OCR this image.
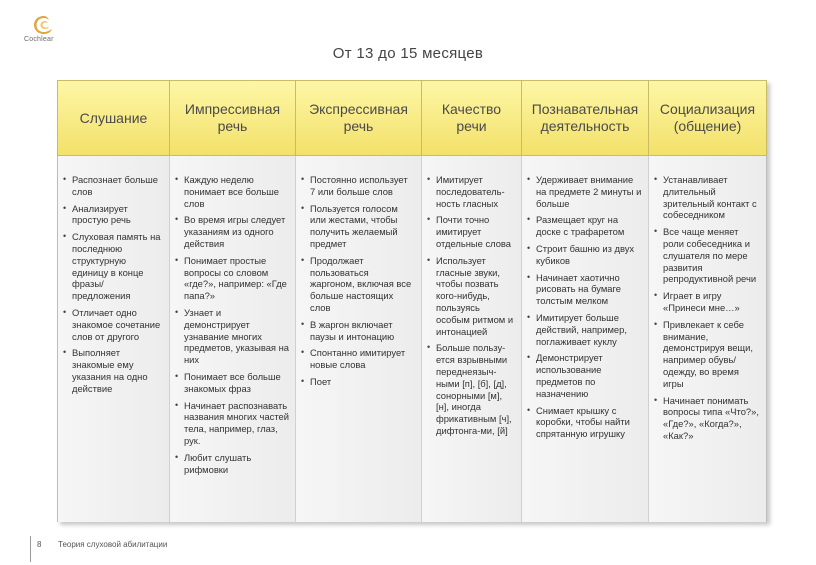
Cochlear
От 13 до 15 месяцев
Слушание
Импрессивная речь
Экспрессивная речь
Качество речи
Познавательная деятельность
Социализация (общение)
• Распознает больше слов
• Анализирует простую речь
• Слуховая память на последнюю структурную единицу в конце фразы/ предложения
• Отличает одно знакомое сочетание слов от другого
• Выполняет знакомые ему указания на одно действие
• Каждую неделю понимает все больше слов
• Во время игры следует указаниям из одного действия
• Понимает простые вопросы со словом «где?», например: «Где папа?»
• Узнает и демонстрирует узнавание многих предметов, указывая на них
• Понимает все больше знакомых фраз
• Начинает распознавать названия многих частей тела, например, глаз, рук.
• Любит слушать рифмовки
• Постоянно использует 7 или больше слов
• Пользуется голосом или жестами, чтобы получить желаемый предмет
• Продолжает пользоваться жаргоном, включая все больше настоящих слов
• В жаргон включает паузы и интонацию
• Спонтанно имитирует новые слова
• Поет
• Имитирует последователь-ность гласных
• Почти точно имитирует отдельные слова
• Использует гласные звуки, чтобы позвать кого-нибудь, пользуясь особым ритмом и интонацией
• Больше пользу-ется взрывными переднеязыч-ными [п], [б], [д], сонорными [м], [н], иногда фрикативным [ч], дифтонга-ми, [й]
• Удерживает внимание на предмете 2 минуты и больше
• Размещает круг на доске с трафаретом
• Строит башню из двух кубиков
• Начинает хаотично рисовать на бумаге толстым мелком
• Имитирует больше действий, например, поглаживает куклу
• Демонстрирует использование предметов по назначению
• Снимает крышку с коробки, чтобы найти спрятанную игрушку
• Устанавливает длительный зрительный контакт с собеседником
• Все чаще меняет роли собеседника и слушателя по мере развития репродуктивной речи
• Играет в игру «Принеси мне…»
• Привлекает к себе внимание, демонстрируя вещи, например обувь/одежду, во время игры
• Начинает понимать вопросы типа «Что?», «Где?», «Когда?», «Как?»
8 Теория слуховой абилитации
